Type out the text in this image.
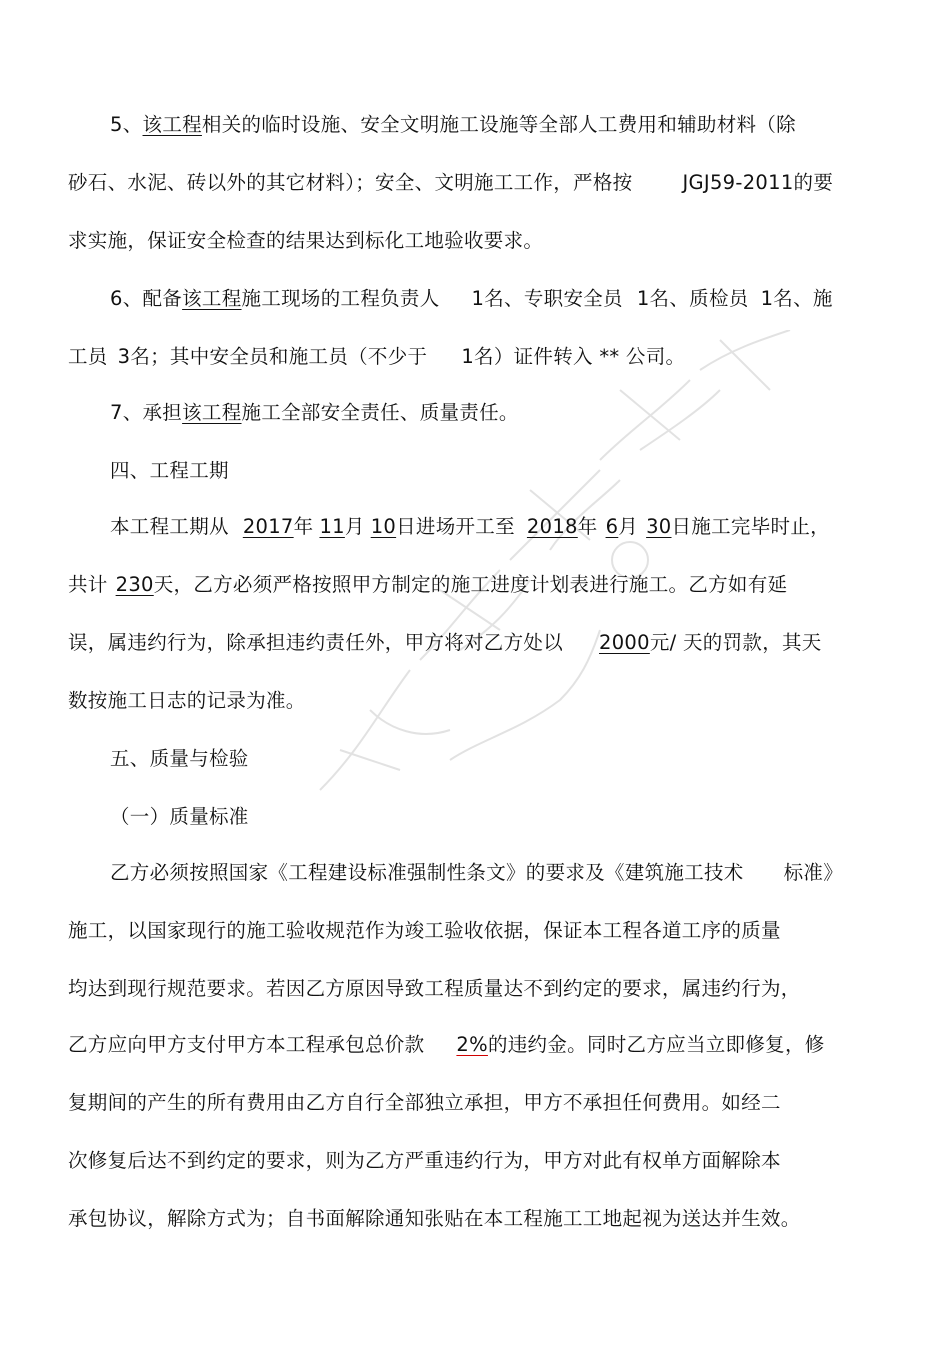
5、该工程相关的临时设施、安全文明施工设施等全部人工费用和辅助材料（除

砂石、水泥、砖以外的其它材料）；安全、文明施工工作，严格按	JGJ59-2011的要

求实施，保证安全检查的结果达到标化工地验收要求。

6、配备该工程施工现场的工程负责人 1名、专职安全员 1名、质检员 1名、施

工员 3名；其中安全员和施工员（不少于 1名）证件转入 ** 公司。

7、承担该工程施工全部安全责任、质量责任。

四、工程工期

本工程工期从 2017年 11月 10日进场开工至 2018年 6月 30日施工完毕时止，

共计 230天，乙方必须严格按照甲方制定的施工进度计划表进行施工。乙方如有延

误，属违约行为，除承担违约责任外，甲方将对乙方处以 2000元/ 天的罚款，其天

数按施工日志的记录为准。

五、质量与检验

（一）质量标准

乙方必须按照国家《工程建设标准强制性条文》的要求及《建筑施工技术 标准》

施工，以国家现行的施工验收规范作为竣工验收依据，保证本工程各道工序的质量

均达到现行规范要求。若因乙方原因导致工程质量达不到约定的要求，属违约行为，

乙方应向甲方支付甲方本工程承包总价款 2%的违约金。同时乙方应当立即修复，修

复期间的产生的所有费用由乙方自行全部独立承担，甲方不承担任何费用。如经二

次修复后达不到约定的要求，则为乙方严重违约行为，甲方对此有权单方面解除本

承包协议，解除方式为；自书面解除通知张贴在本工程施工工地起视为送达并生效。
